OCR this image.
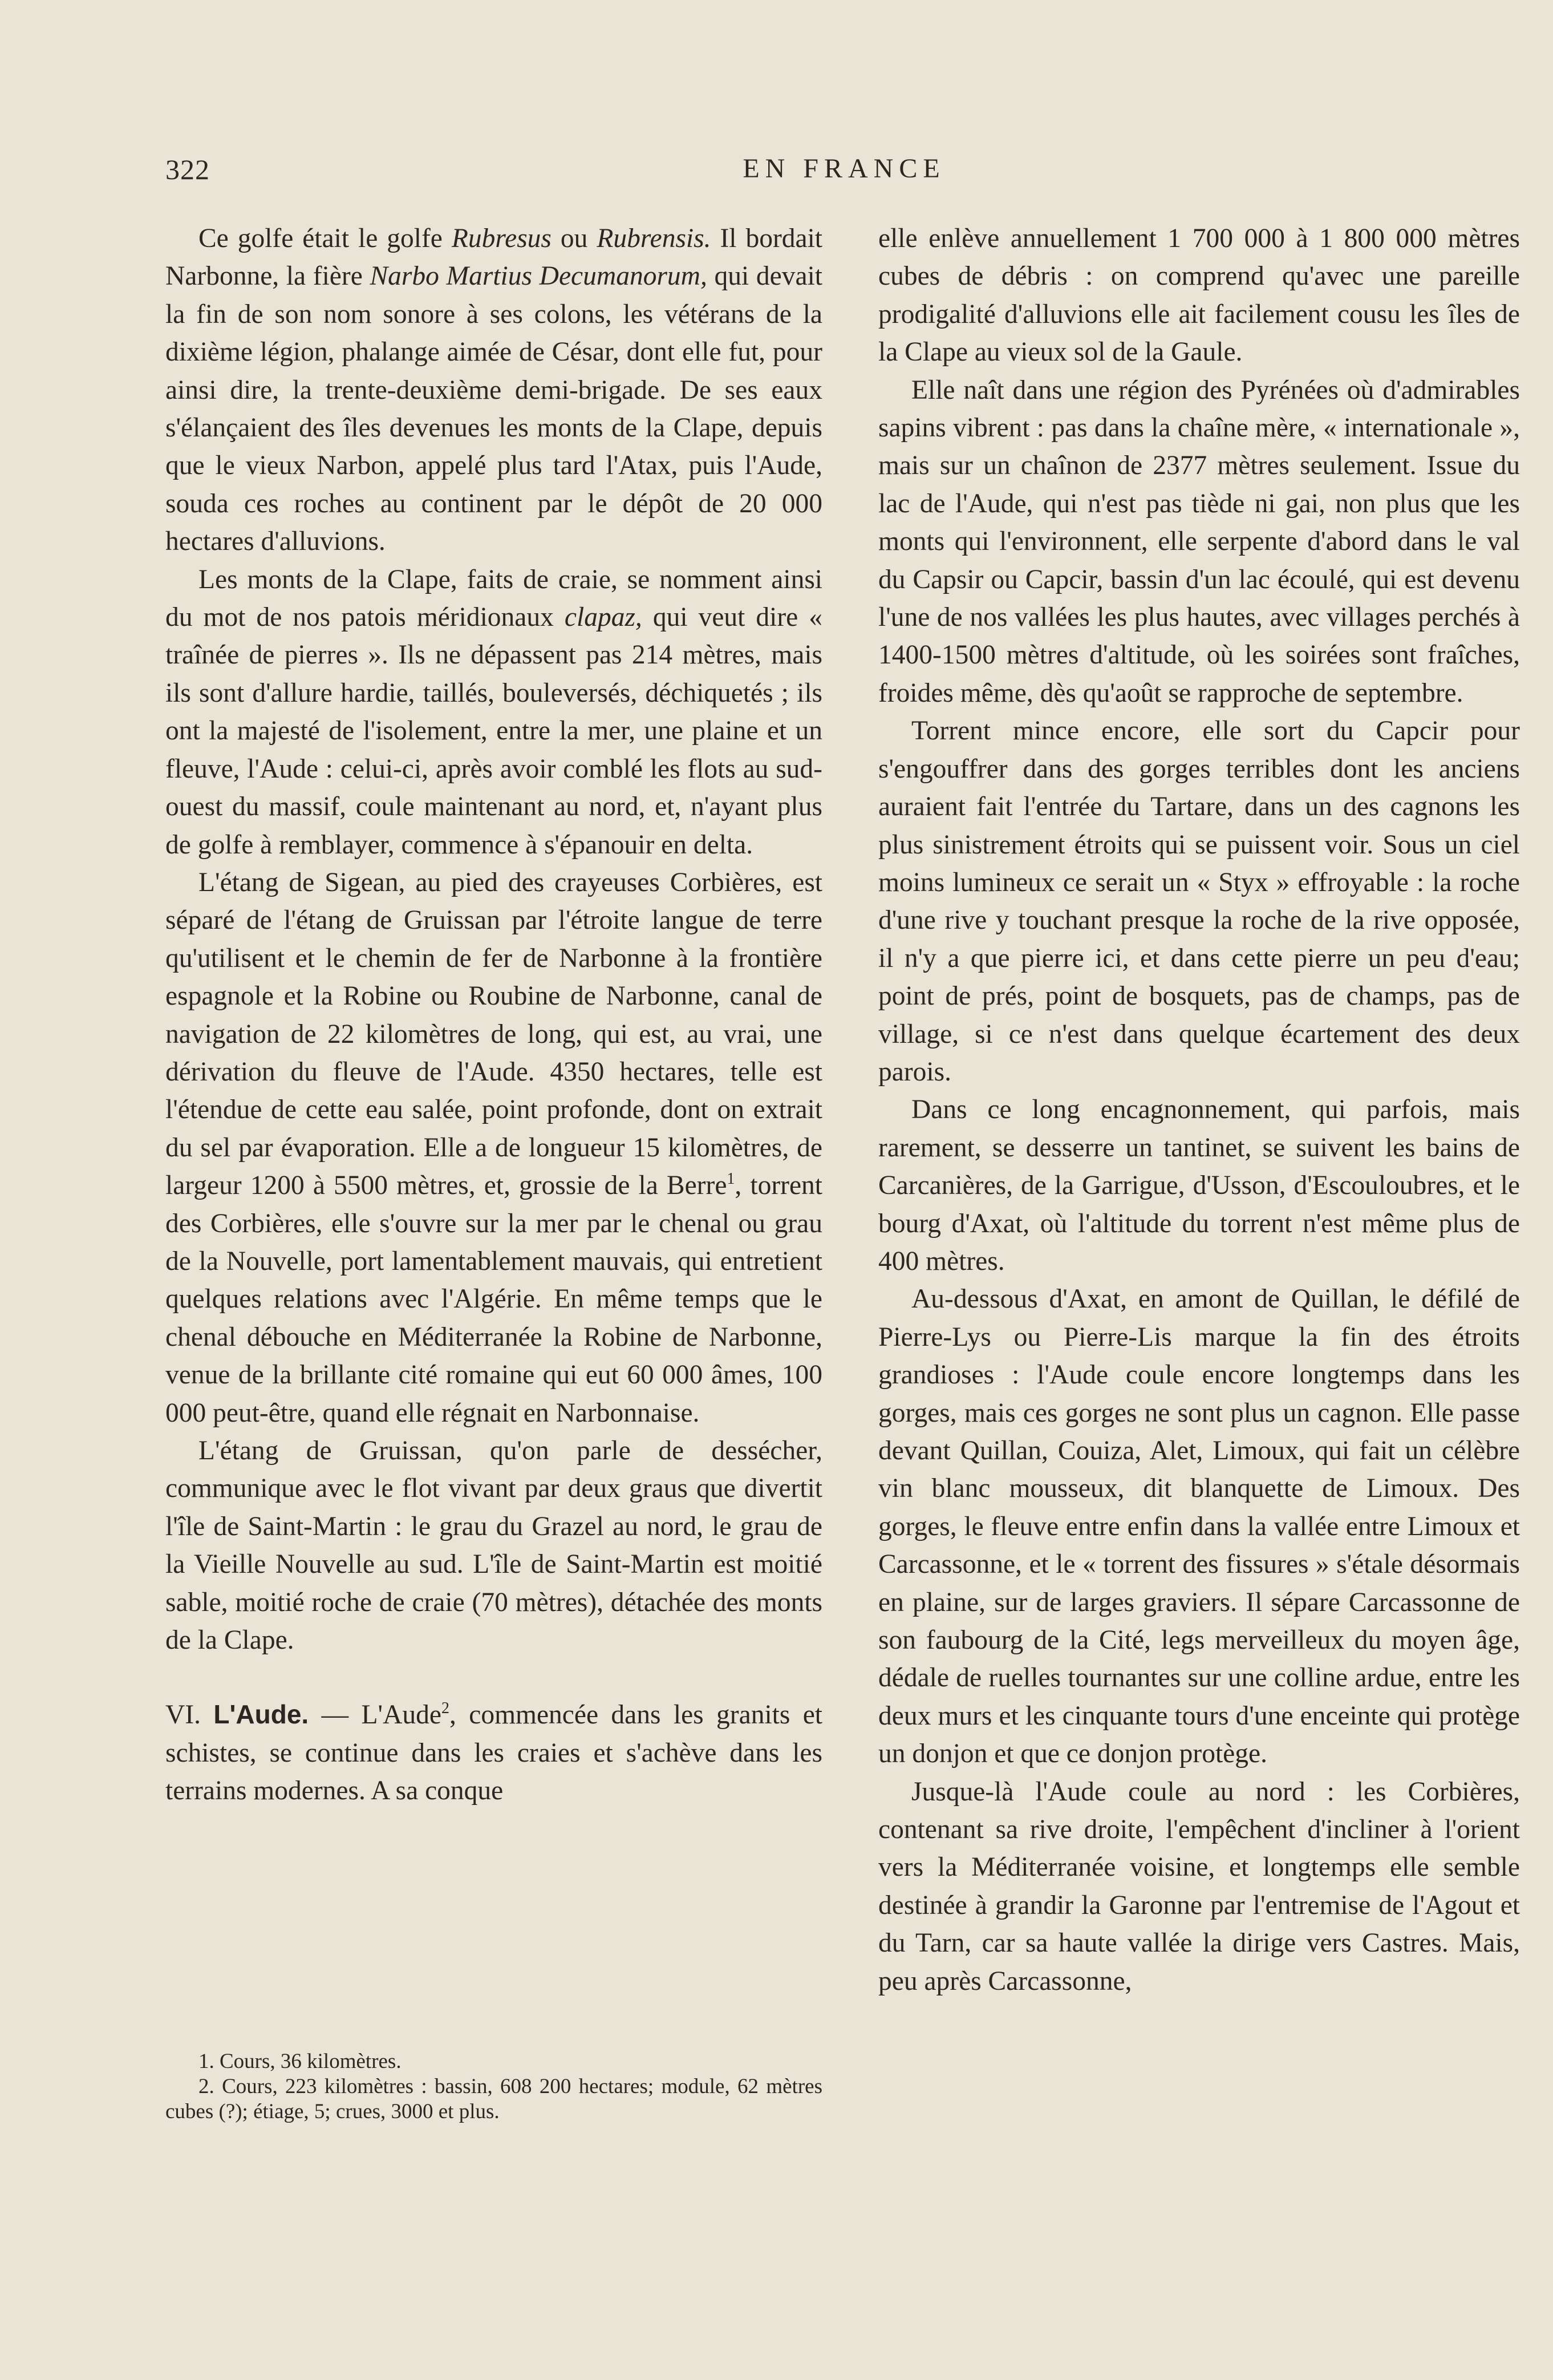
322	EN FRANCE

Ce golfe était le golfe Rubresus ou Rubrensis. Il bordait Narbonne, la fière Narbo Martius Decumanorum, qui devait la fin de son nom sonore à ses colons, les vétérans de la dixième légion, phalange aimée de César, dont elle fut, pour ainsi dire, la trente-deuxième demi-brigade. De ses eaux s'élançaient des îles devenues les monts de la Clape, depuis que le vieux Narbon, appelé plus tard l'Atax, puis l'Aude, souda ces roches au continent par le dépôt de 20 000 hectares d'alluvions.

Les monts de la Clape, faits de craie, se nomment ainsi du mot de nos patois méridionaux clapaz, qui veut dire « traînée de pierres ». Ils ne dépassent pas 214 mètres, mais ils sont d'allure hardie, taillés, bouleversés, déchiquetés ; ils ont la majesté de l'isolement, entre la mer, une plaine et un fleuve, l'Aude : celui-ci, après avoir comblé les flots au sud-ouest du massif, coule maintenant au nord, et, n'ayant plus de golfe à remblayer, commence à s'épanouir en delta.

L'étang de Sigean, au pied des crayeuses Corbières, est séparé de l'étang de Gruissan par l'étroite langue de terre qu'utilisent et le chemin de fer de Narbonne à la frontière espagnole et la Robine ou Roubine de Narbonne, canal de navigation de 22 kilomètres de long, qui est, au vrai, une dérivation du fleuve de l'Aude. 4350 hectares, telle est l'étendue de cette eau salée, point profonde, dont on extrait du sel par évaporation. Elle a de longueur 15 kilomètres, de largeur 1200 à 5500 mètres, et, grossie de la Berre$^1$, torrent des Corbières, elle s'ouvre sur la mer par le chenal ou grau de la Nouvelle, port lamentablement mauvais, qui entretient quelques relations avec l'Algérie. En même temps que le chenal débouche en Méditerranée la Robine de Narbonne, venue de la brillante cité romaine qui eut 60 000 âmes, 100 000 peut-être, quand elle régnait en Narbonnaise.

L'étang de Gruissan, qu'on parle de dessécher, communique avec le flot vivant par deux graus que divertit l'île de Saint-Martin : le grau du Grazel au nord, le grau de la Vieille Nouvelle au sud. L'île de Saint-Martin est moitié sable, moitié roche de craie (70 mètres), détachée des monts de la Clape.

VI. L'Aude. — L'Aude$^2$, commencée dans les granits et schistes, se continue dans les craies et s'achève dans les terrains modernes. A sa conque

1. Cours, 36 kilomètres.

2. Cours, 223 kilomètres : bassin, 608 200 hectares; module, 62 mètres cubes (?); étiage, 5; crues, 3000 et plus.

elle enlève annuellement 1 700 000 à 1 800 000 mètres cubes de débris : on comprend qu'avec une pareille prodigalité d'alluvions elle ait facilement cousu les îles de la Clape au vieux sol de la Gaule.

Elle naît dans une région des Pyrénées où d'admirables sapins vibrent : pas dans la chaîne mère, « internationale », mais sur un chaînon de 2377 mètres seulement. Issue du lac de l'Aude, qui n'est pas tiède ni gai, non plus que les monts qui l'environnent, elle serpente d'abord dans le val du Capsir ou Capcir, bassin d'un lac écoulé, qui est devenu l'une de nos vallées les plus hautes, avec villages perchés à 1400-1500 mètres d'altitude, où les soirées sont fraîches, froides même, dès qu'août se rapproche de septembre.

Torrent mince encore, elle sort du Capcir pour s'engouffrer dans des gorges terribles dont les anciens auraient fait l'entrée du Tartare, dans un des cagnons les plus sinistrement étroits qui se puissent voir. Sous un ciel moins lumineux ce serait un « Styx » effroyable : la roche d'une rive y touchant presque la roche de la rive opposée, il n'y a que pierre ici, et dans cette pierre un peu d'eau; point de prés, point de bosquets, pas de champs, pas de village, si ce n'est dans quelque écartement des deux parois.

Dans ce long encagnonnement, qui parfois, mais rarement, se desserre un tantinet, se suivent les bains de Carcanières, de la Garrigue, d'Usson, d'Escouloubres, et le bourg d'Axat, où l'altitude du torrent n'est même plus de 400 mètres.

Au-dessous d'Axat, en amont de Quillan, le défilé de Pierre-Lys ou Pierre-Lis marque la fin des étroits grandioses : l'Aude coule encore longtemps dans les gorges, mais ces gorges ne sont plus un cagnon. Elle passe devant Quillan, Couiza, Alet, Limoux, qui fait un célèbre vin blanc mousseux, dit blanquette de Limoux. Des gorges, le fleuve entre enfin dans la vallée entre Limoux et Carcassonne, et le « torrent des fissures » s'étale désormais en plaine, sur de larges graviers. Il sépare Carcassonne de son faubourg de la Cité, legs merveilleux du moyen âge, dédale de ruelles tournantes sur une colline ardue, entre les deux murs et les cinquante tours d'une enceinte qui protège un donjon et que ce donjon protège.

Jusque-là l'Aude coule au nord : les Corbières, contenant sa rive droite, l'empêchent d'incliner à l'orient vers la Méditerranée voisine, et longtemps elle semble destinée à grandir la Garonne par l'entremise de l'Agout et du Tarn, car sa haute vallée la dirige vers Castres. Mais, peu après Carcassonne,
